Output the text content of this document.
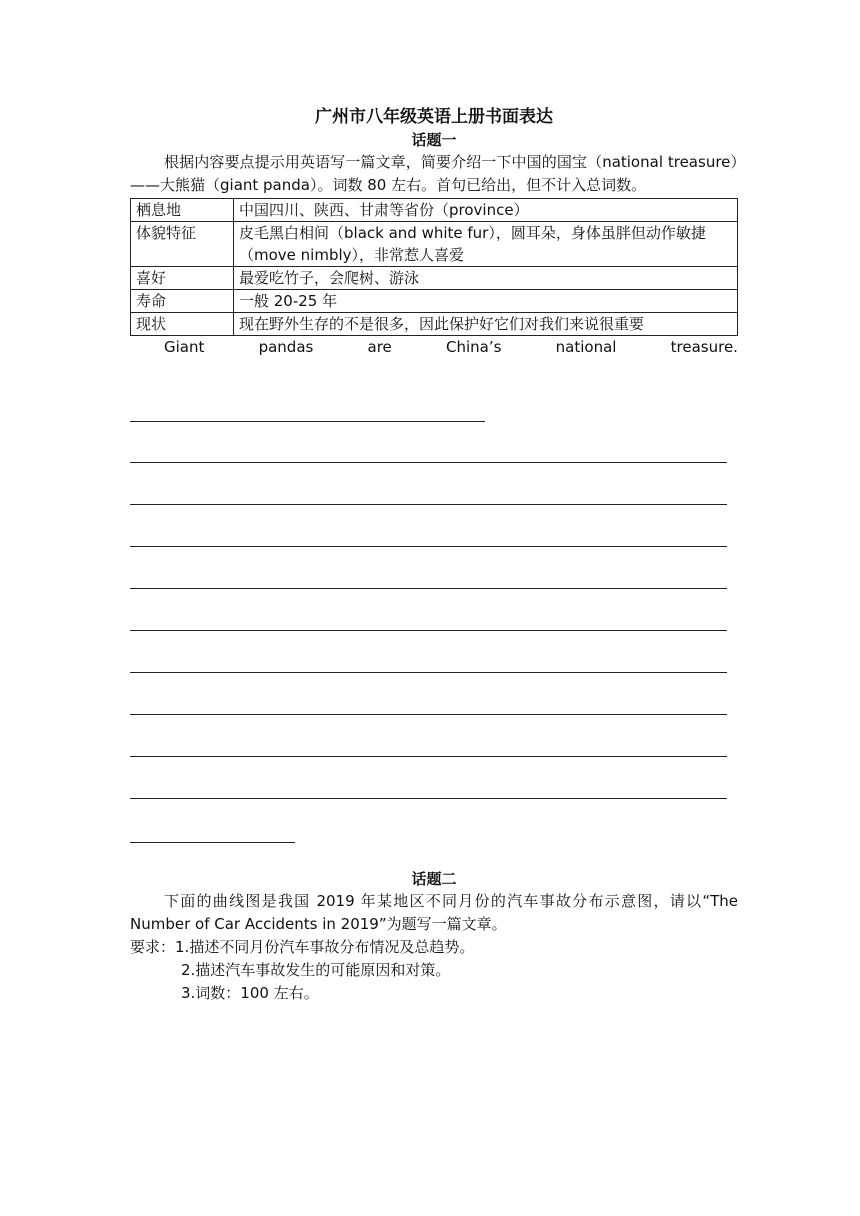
广州市八年级英语上册书面表达
话题一

根据内容要点提示用英语写一篇文章，简要介绍一下中国的国宝（national treasure）——大熊猫（giant panda）。词数 80 左右。首句已给出，但不计入总词数。

栖息地	中国四川、陕西、甘肃等省份（province）
体貌特征	皮毛黑白相间（black and white fur），圆耳朵，身体虽胖但动作敏捷（move nimbly），非常惹人喜爱
喜好	最爱吃竹子，会爬树、游泳
寿命	一般 20-25 年
现状	现在野外生存的不是很多，因此保护好它们对我们来说很重要
Giant	pandas	are	China’s	national	treasure.
话题二

下面的曲线图是我国 2019 年某地区不同月份的汽车事故分布示意图，请以“The Number of Car Accidents in 2019”为题写一篇文章。

要求：1.描述不同月份汽车事故分布情况及总趋势。
2.描述汽车事故发生的可能原因和对策。
3.词数：100 左右。
